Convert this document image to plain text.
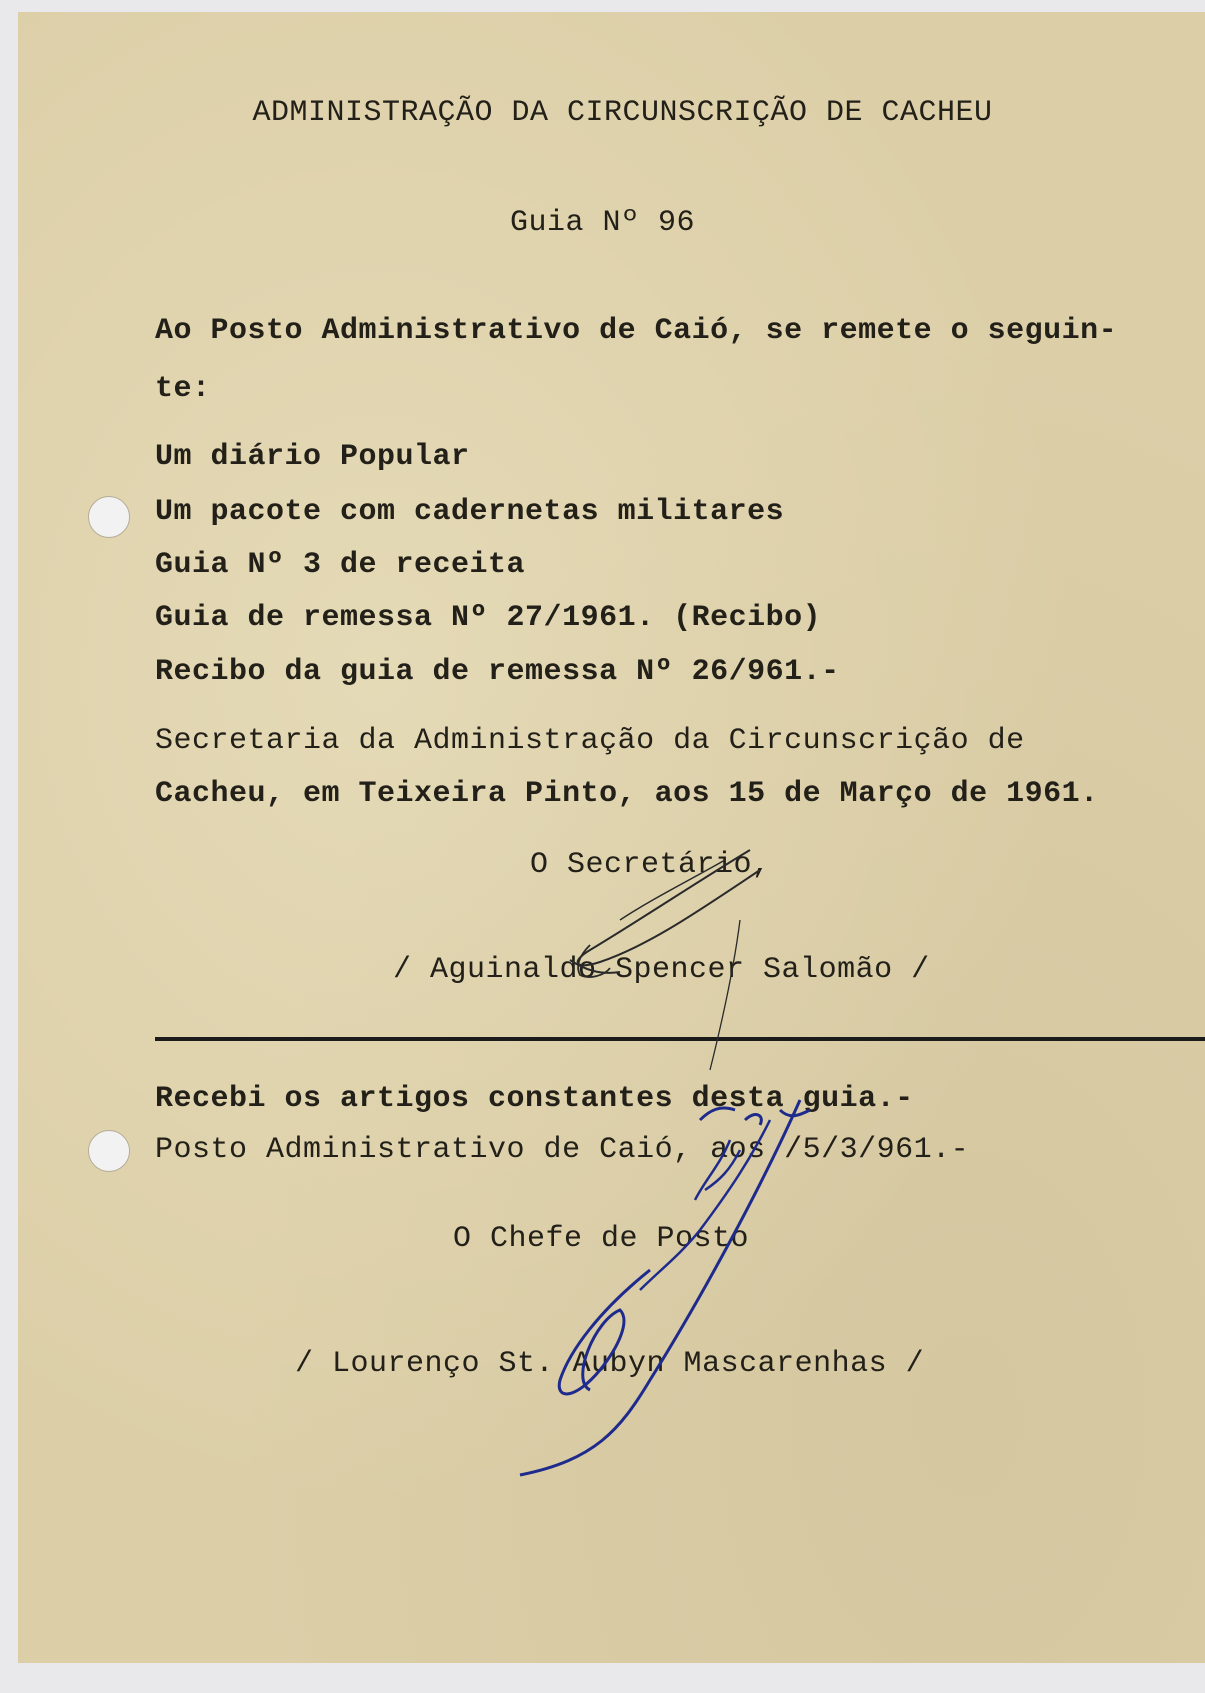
ADMINISTRAÇÃO DA CIRCUNSCRIÇÃO DE CACHEU
Guia Nº 96
Ao Posto Administrativo de Caió, se remete o seguin-
te:
Um diário Popular
Um pacote com cadernetas militares
Guia Nº 3 de receita
Guia de remessa Nº 27/1961. (Recibo)
Recibo da guia de remessa Nº 26/961.-
Secretaria da Administração da Circunscrição de
Cacheu, em Teixeira Pinto, aos 15 de Março de 1961.
O Secretário,
/ Aguinaldo Spencer Salomão /
Recebi os artigos constantes desta guia.-
Posto Administrativo de Caió, aos /5/3/961.-
O Chefe de Posto
/ Lourenço St. Aubyn Mascarenhas /
